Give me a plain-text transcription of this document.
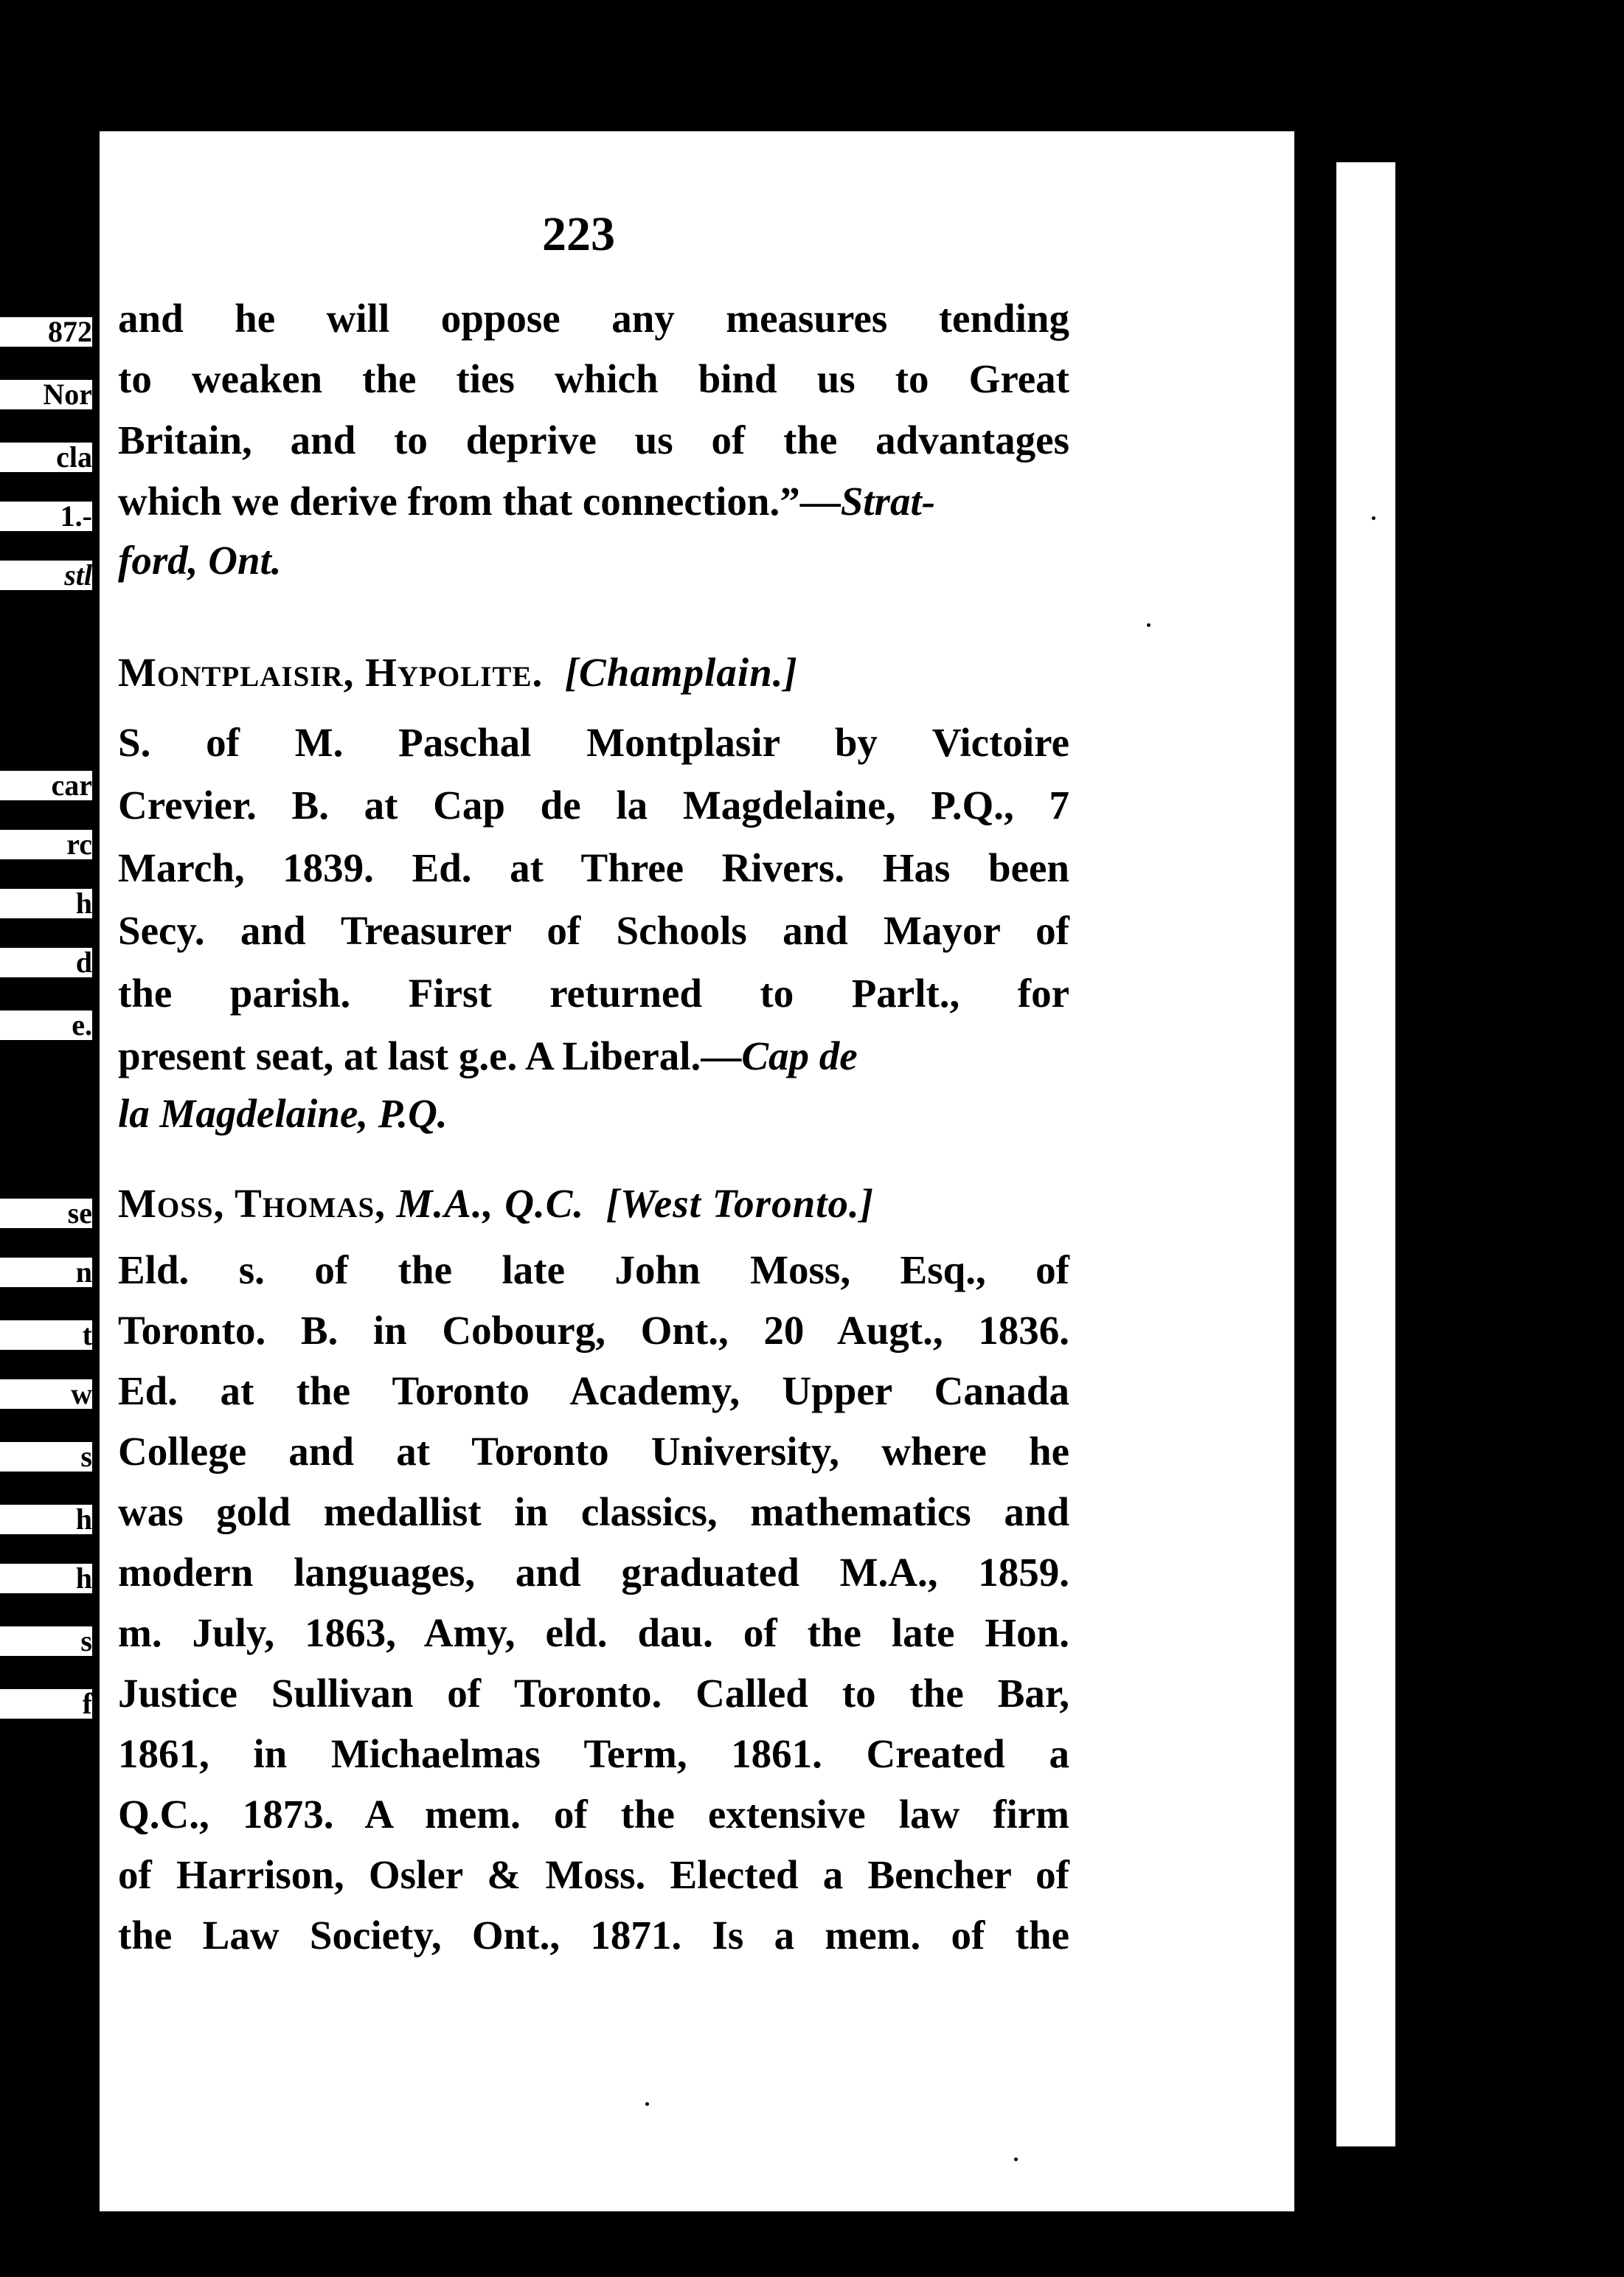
872
Nor
cla
1.-
stl
car
rc
h
d
e.
se
n
t
w
s
h
h
s
f
223
and he will oppose any measures tending
to weaken the ties which bind us to Great
Britain, and to deprive us of the advantages
which we derive from that connection.”—Strat-
ford, Ont.
Montplaisir, Hypolite. [Champlain.]
S. of M. Paschal Montplasir by Victoire
Crevier. B. at Cap de la Magdelaine, P.Q., 7
March, 1839. Ed. at Three Rivers. Has been
Secy. and Treasurer of Schools and Mayor of
the parish. First returned to Parlt., for
present seat, at last g.e. A Liberal.—Cap de
la Magdelaine, P.Q.
Moss, Thomas, M.A., Q.C. [West Toronto.]
Eld. s. of the late John Moss, Esq., of
Toronto. B. in Cobourg, Ont., 20 Augt., 1836.
Ed. at the Toronto Academy, Upper Canada
College and at Toronto University, where he
was gold medallist in classics, mathematics and
modern languages, and graduated M.A., 1859.
m. July, 1863, Amy, eld. dau. of the late Hon.
Justice Sullivan of Toronto. Called to the Bar,
1861, in Michaelmas Term, 1861. Created a
Q.C., 1873. A mem. of the extensive law firm
of Harrison, Osler & Moss. Elected a Bencher of
the Law Society, Ont., 1871. Is a mem. of the
